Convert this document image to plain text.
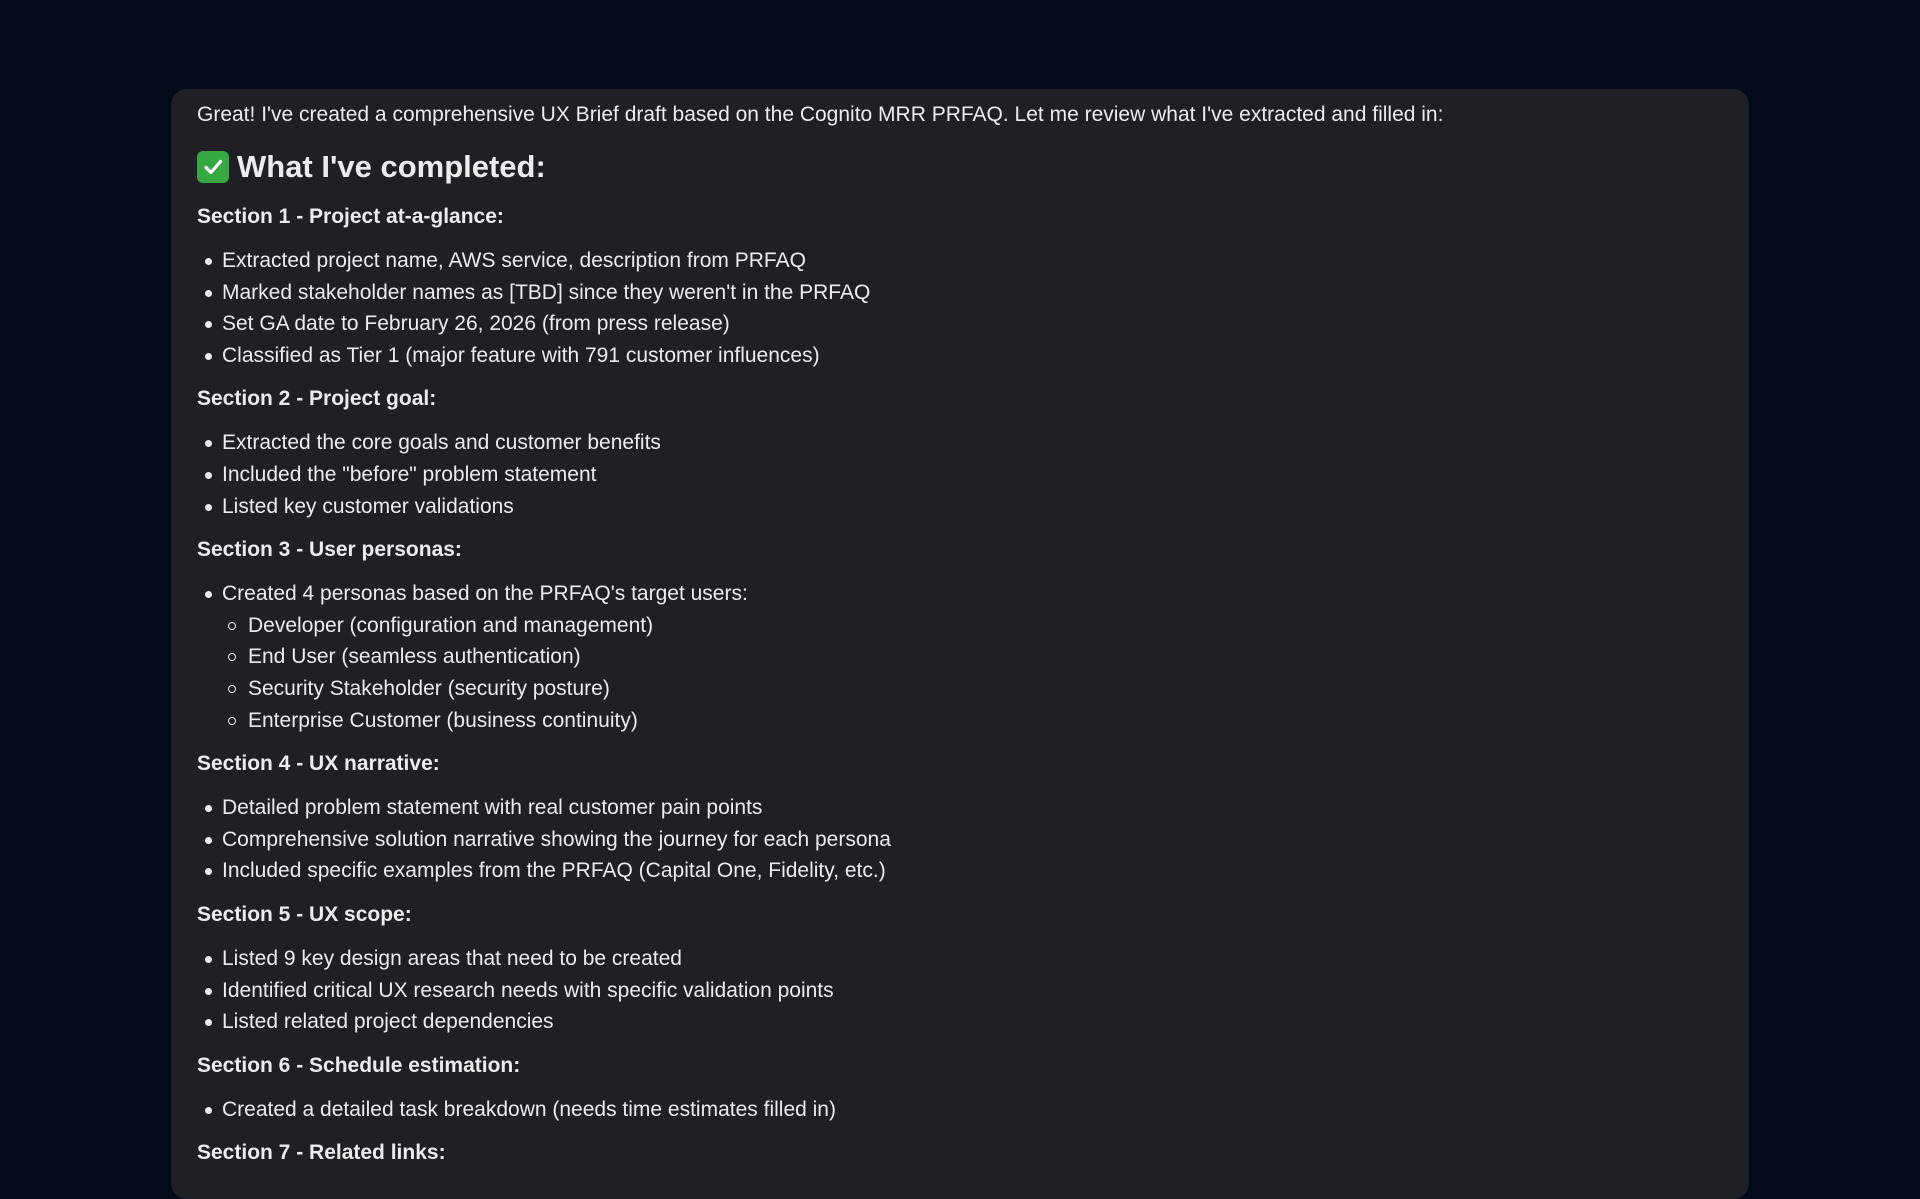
Great! I've created a comprehensive UX Brief draft based on the Cognito MRR PRFAQ. Let me review what I've extracted and filled in:

What I've completed:
Section 1 - Project at-a-glance:
Extracted project name, AWS service, description from PRFAQ
Marked stakeholder names as [TBD] since they weren't in the PRFAQ
Set GA date to February 26, 2026 (from press release)
Classified as Tier 1 (major feature with 791 customer influences)
Section 2 - Project goal:
Extracted the core goals and customer benefits
Included the "before" problem statement
Listed key customer validations
Section 3 - User personas:
Created 4 personas based on the PRFAQ's target users:
Developer (configuration and management)
End User (seamless authentication)
Security Stakeholder (security posture)
Enterprise Customer (business continuity)
Section 4 - UX narrative:
Detailed problem statement with real customer pain points
Comprehensive solution narrative showing the journey for each persona
Included specific examples from the PRFAQ (Capital One, Fidelity, etc.)
Section 5 - UX scope:
Listed 9 key design areas that need to be created
Identified critical UX research needs with specific validation points
Listed related project dependencies
Section 6 - Schedule estimation:
Created a detailed task breakdown (needs time estimates filled in)
Section 7 - Related links:
